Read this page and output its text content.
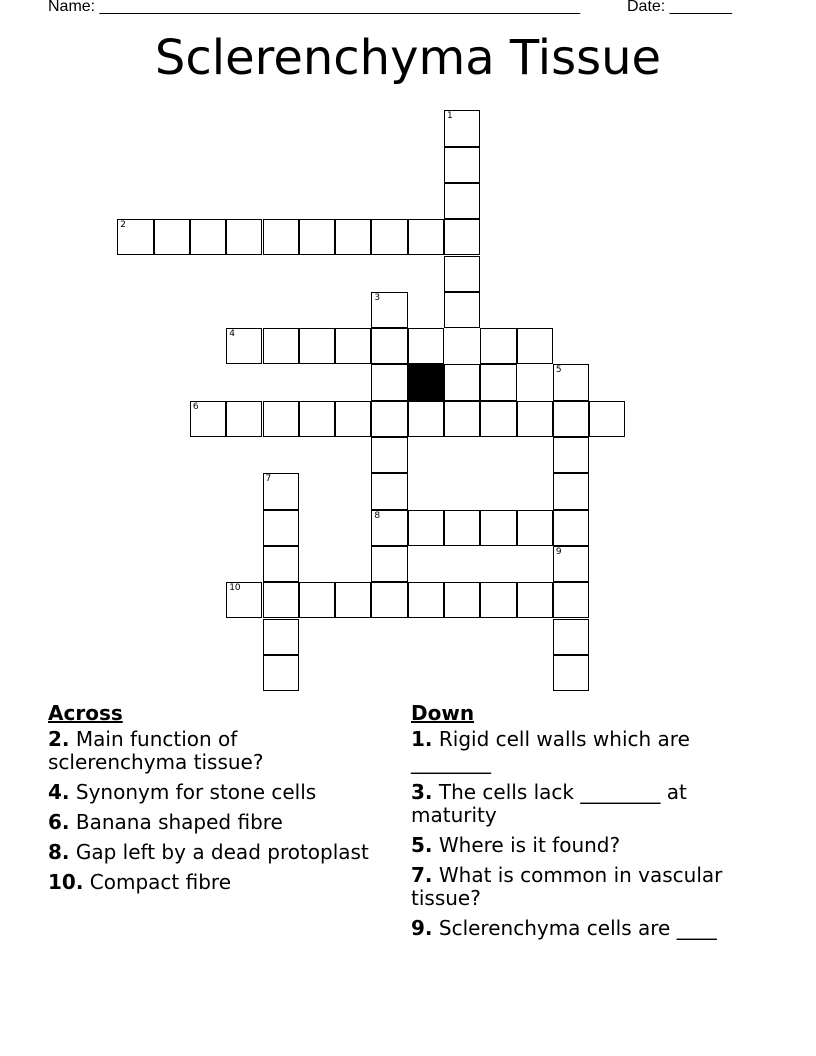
Name: ______________________________________________________	Date: _______
Sclerenchyma Tissue
1
2
3
8
4
5
6
7
9
10
Across
2. Main function of sclerenchyma tissue?
4. Synonym for stone cells
6. Banana shaped fibre
8. Gap left by a dead protoplast
10. Compact fibre
Down
1. Rigid cell walls which are ________
3. The cells lack ________ at maturity
5. Where is it found?
7. What is common in vascular tissue?
9. Sclerenchyma cells are ____
